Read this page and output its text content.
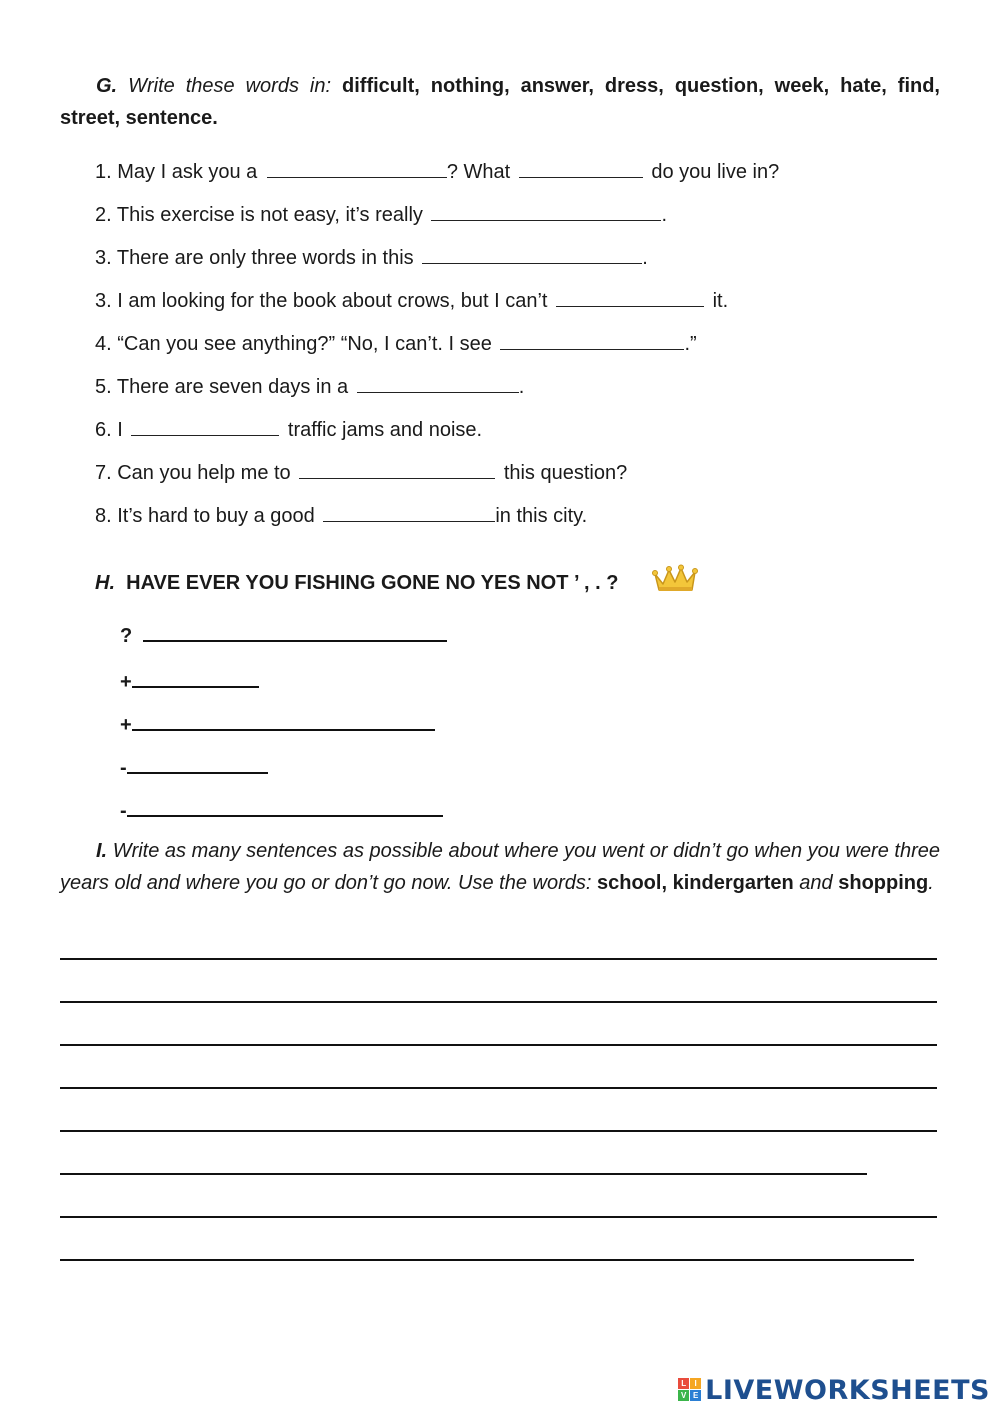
G. Write these words in: difficult, nothing, answer, dress, question, week, hate, find, street, sentence.
1. May I ask you a	? What	do you live in?
2. This exercise is not easy, it’s really	.
3. There are only three words in this	.
3. I am looking for the book about crows, but I can’t	it.
4. “Can you see anything?” “No, I can’t. I see	.”
5. There are seven days in a	.
6. I	traffic jams and noise.
7. Can you help me to	this question?
8. It’s hard to buy a good	in this city.
H. HAVE EVER YOU FISHING GONE NO YES NOT ’ , . ?
?
+
+
-
-
I. Write as many sentences as possible about where you went or didn’t go when you were three years old and where you go or don’t go now. Use the words: school, kindergarten and shopping.
L	I
V E LIVEWORKSHEETS
